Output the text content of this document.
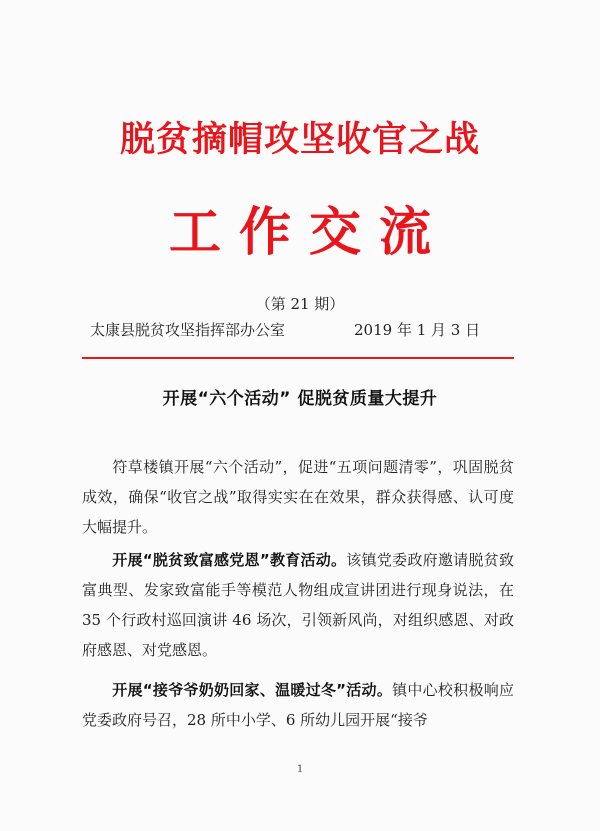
脱贫摘帽攻坚收官之战
工作交流
（第 21 期）
太康县脱贫攻坚指挥部办公室	2019 年 1 月 3 日
开展“六个活动” 促脱贫质量大提升
符草楼镇开展“六个活动”，促进“五项问题清零”，巩固脱贫成效，确保“收官之战”取得实实在在效果，群众获得感、认可度大幅提升。
开展“脱贫致富感党恩”教育活动。该镇党委政府邀请脱贫致富典型、发家致富能手等模范人物组成宣讲团进行现身说法，在 35 个行政村巡回演讲 46 场次，引领新风尚，对组织感恩、对政府感恩、对党感恩。
开展“接爷爷奶奶回家、温暖过冬”活动。镇中心校积极响应党委政府号召，28 所中小学、6 所幼儿园开展“接爷
1
